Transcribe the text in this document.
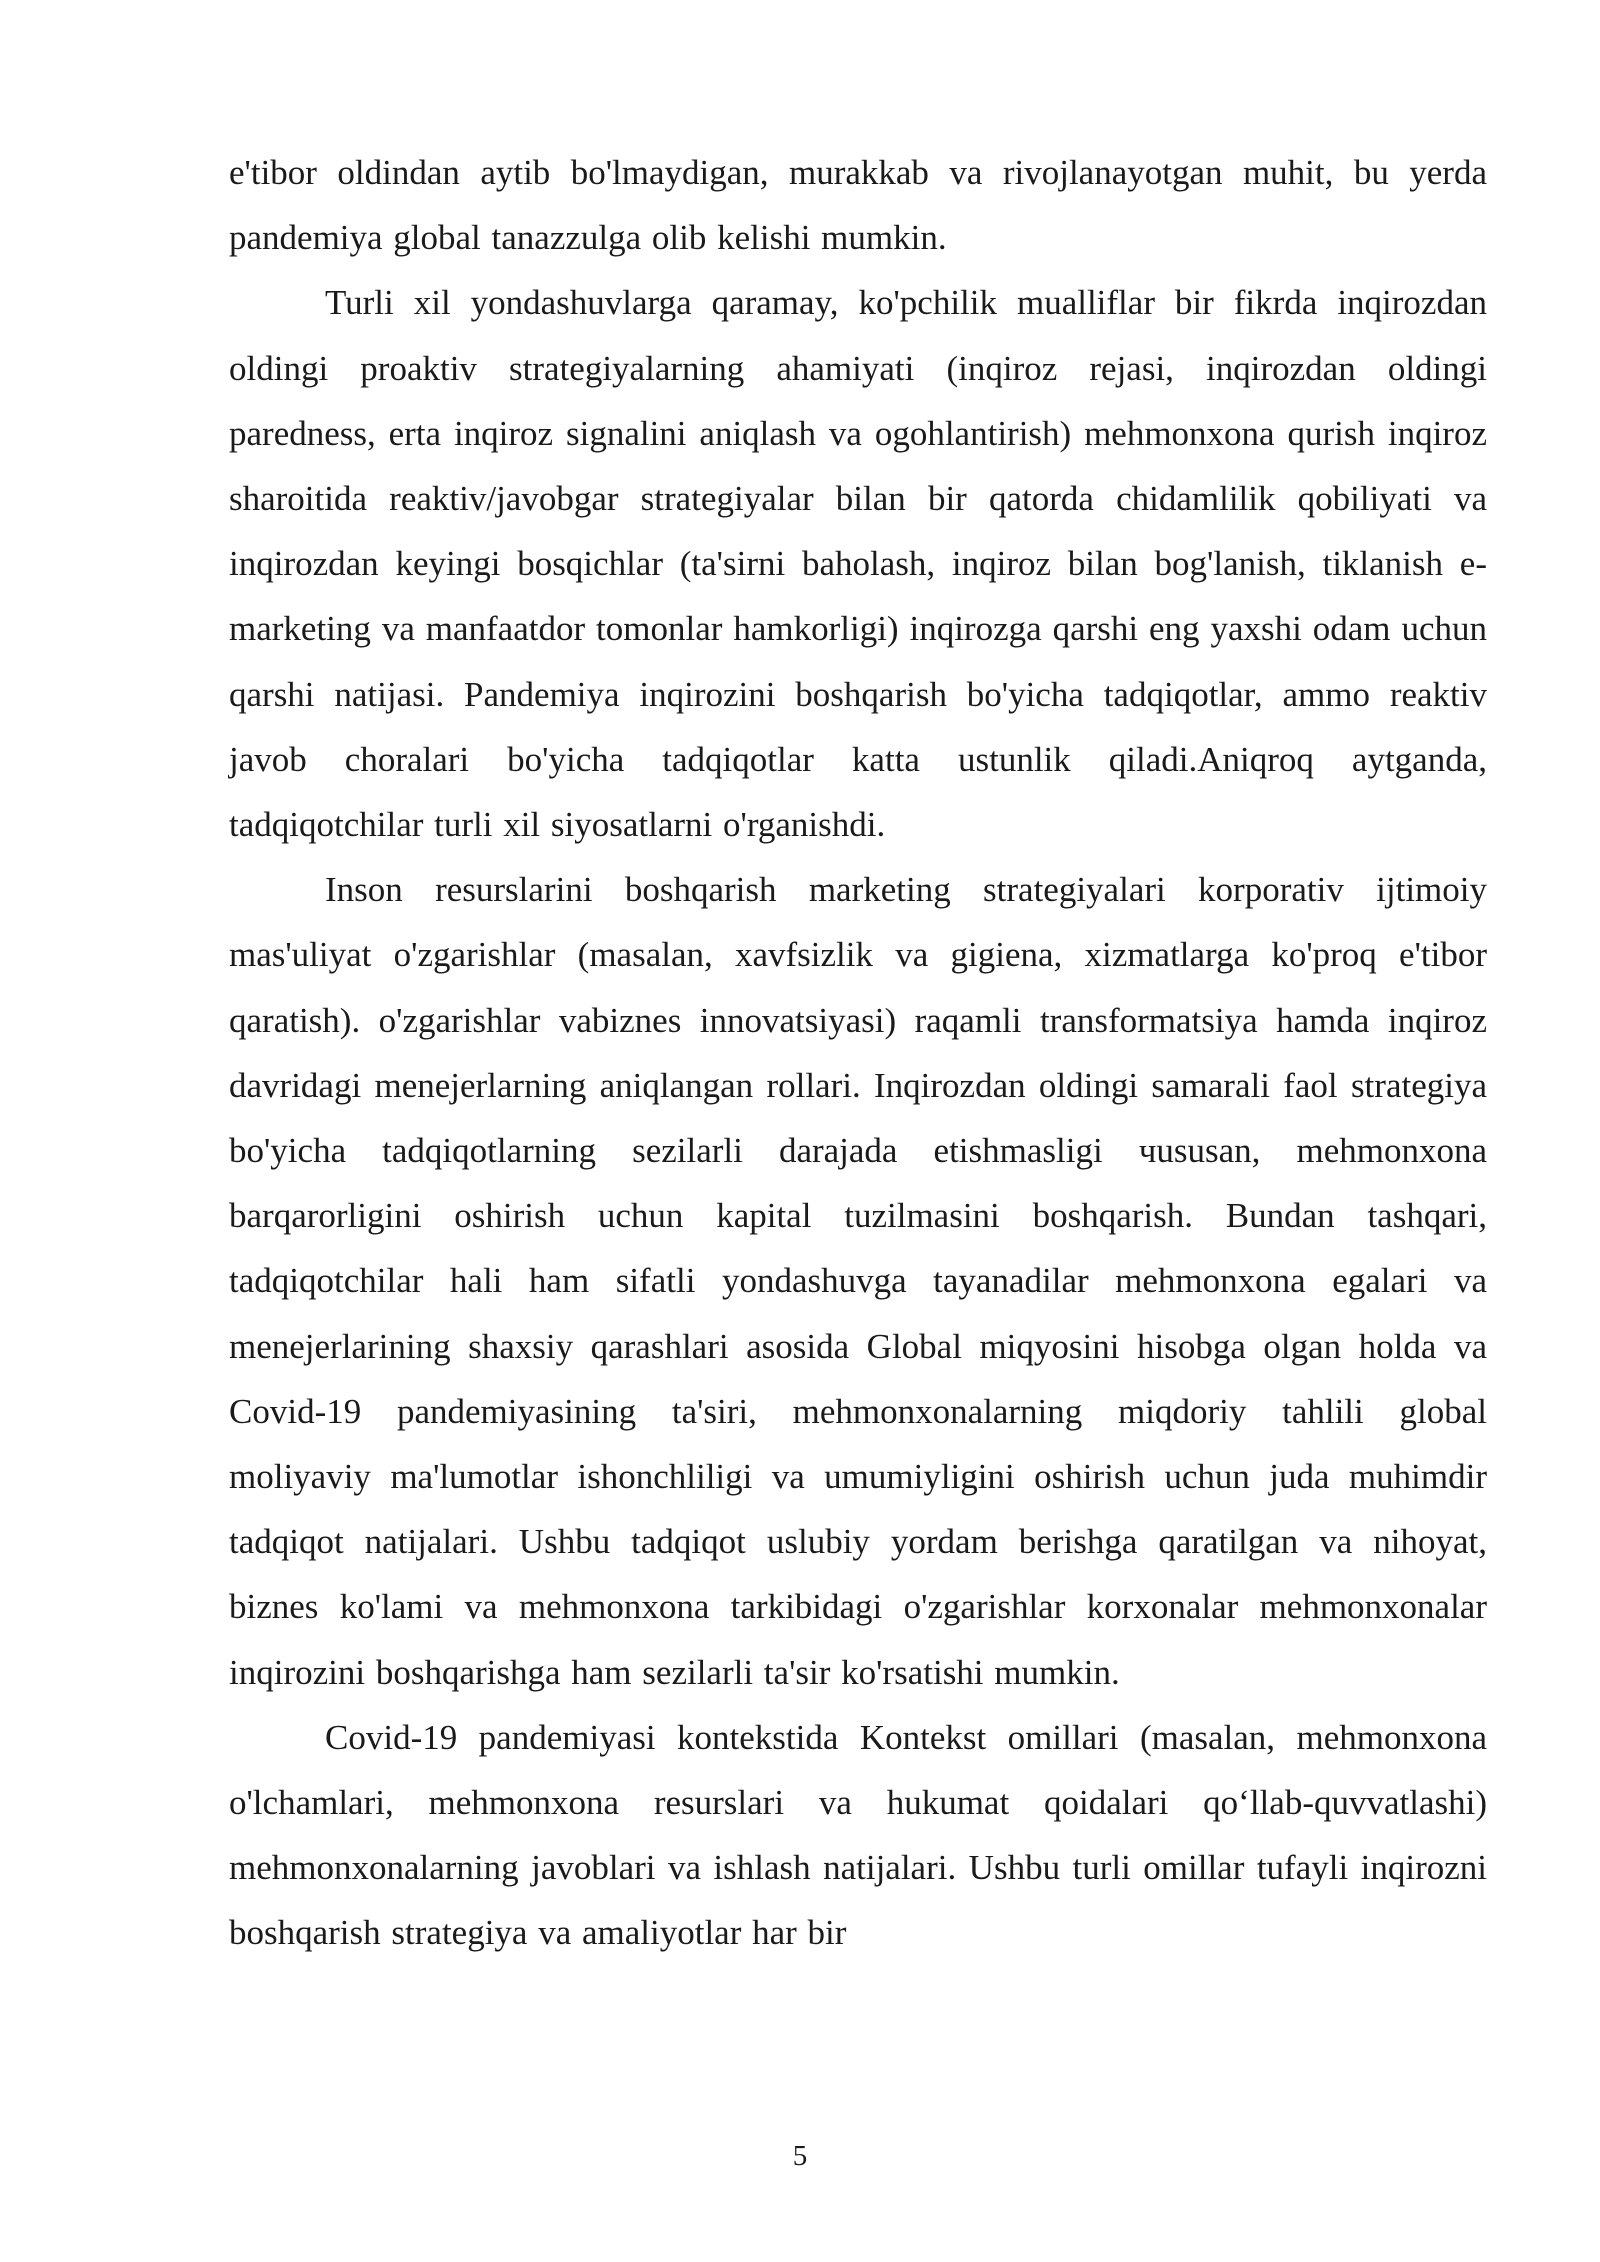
e'tibor oldindan aytib bo'lmaydigan, murakkab va rivojlanayotgan muhit, bu yerda pandemiya global tanazzulga olib kelishi mumkin.

Turli xil yondashuvlarga qaramay, ko'pchilik mualliflar bir fikrda inqirozdan oldingi proaktiv strategiyalarning ahamiyati (inqiroz rejasi, inqirozdan oldingi paredness, erta inqiroz signalini aniqlash va ogohlantirish) mehmonxona qurish inqiroz sharoitida reaktiv/javobgar strategiyalar bilan bir qatorda chidamlilik qobiliyati va inqirozdan keyingi bosqichlar (ta'sirni baholash, inqiroz bilan bog'lanish, tiklanish e-marketing va manfaatdor tomonlar hamkorligi) inqirozga qarshi eng yaxshi odam uchun qarshi natijasi. Pandemiya inqirozini boshqarish bo'yicha tadqiqotlar, ammo reaktiv javob choralari bo'yicha tadqiqotlar katta ustunlik qiladi.Aniqroq aytganda, tadqiqotchilar turli xil siyosatlarni o'rganishdi.

Inson resurslarini boshqarish marketing strategiyalari korporativ ijtimoiy mas'uliyat o'zgarishlar (masalan, xavfsizlik va gigiena, xizmatlarga ko'proq e'tibor qaratish). o'zgarishlar vabiznes innovatsiyasi) raqamli transformatsiya hamda inqiroz davridagi menejerlarning aniqlangan rollari. Inqirozdan oldingi samarali faol strategiya bo'yicha tadqiqotlarning sezilarli darajada etishmasligi чususan, mehmonxona barqarorligini oshirish uchun kapital tuzilmasini boshqarish. Bundan tashqari, tadqiqotchilar hali ham sifatli yondashuvga tayanadilar mehmonxona egalari va menejerlarining shaxsiy qarashlari asosida Global miqyosini hisobga olgan holda va Covid-19 pandemiyasining ta'siri, mehmonxonalarning miqdoriy tahlili global moliyaviy ma'lumotlar ishonchliligi va umumiyligini oshirish uchun juda muhimdir tadqiqot natijalari. Ushbu tadqiqot uslubiy yordam berishga qaratilgan va nihoyat, biznes ko'lami va mehmonxona tarkibidagi o'zgarishlar korxonalar mehmonxonalar inqirozini boshqarishga ham sezilarli ta'sir ko'rsatishi mumkin.

Covid-19 pandemiyasi kontekstida Kontekst omillari (masalan, mehmonxona o'lchamlari, mehmonxona resurslari va hukumat qoidalari qo‘llab-quvvatlashi) mehmonxonalarning javoblari va ishlash natijalari. Ushbu turli omillar tufayli inqirozni boshqarish strategiya va amaliyotlar har bir

5
